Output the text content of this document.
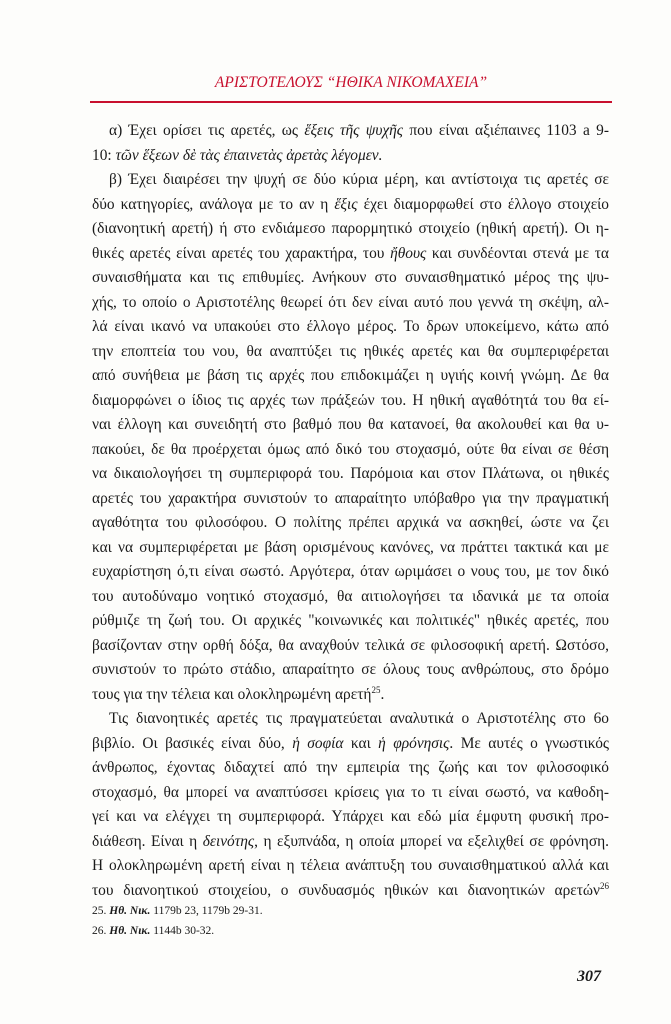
ΑΡΙΣΤΟΤΕΛΟΥΣ “ΗΘΙΚΑ ΝΙΚΟΜΑΧΕΙΑ”
α) Έχει ορίσει τις αρετές, ως ἕξεις τῆς ψυχῆς που είναι αξιέπαινες 1103 a 9-
10: τῶν ἕξεων δὲ τὰς ἐπαινετὰς ἀρετὰς λέγομεν.
β) Έχει διαιρέσει την ψυχή σε δύο κύρια μέρη, και αντίστοιχα τις αρετές σε
δύο κατηγορίες, ανάλογα με το αν η ἕξις έχει διαμορφωθεί στο έλλογο στοιχείο
(διανοητική αρετή) ή στο ενδιάμεσο παρορμητικό στοιχείο (ηθική αρετή). Οι η-
θικές αρετές είναι αρετές του χαρακτήρα, του ἤθους και συνδέονται στενά με τα
συναισθήματα και τις επιθυμίες. Ανήκουν στο συναισθηματικό μέρος της ψυ-
χής, το οποίο ο Αριστοτέλης θεωρεί ότι δεν είναι αυτό που γεννά τη σκέψη, αλ-
λά είναι ικανό να υπακούει στο έλλογο μέρος. Το δρων υποκείμενο, κάτω από
την εποπτεία του νου, θα αναπτύξει τις ηθικές αρετές και θα συμπεριφέρεται
από συνήθεια με βάση τις αρχές που επιδοκιμάζει η υγιής κοινή γνώμη. Δε θα
διαμορφώνει ο ίδιος τις αρχές των πράξεών του. Η ηθική αγαθότητά του θα εί-
ναι έλλογη και συνειδητή στο βαθμό που θα κατανοεί, θα ακολουθεί και θα υ-
πακούει, δε θα προέρχεται όμως από δικό του στοχασμό, ούτε θα είναι σε θέση
να δικαιολογήσει τη συμπεριφορά του. Παρόμοια και στον Πλάτωνα, οι ηθικές
αρετές του χαρακτήρα συνιστούν το απαραίτητο υπόβαθρο για την πραγματική
αγαθότητα του φιλοσόφου. Ο πολίτης πρέπει αρχικά να ασκηθεί, ώστε να ζει
και να συμπεριφέρεται με βάση ορισμένους κανόνες, να πράττει τακτικά και με
ευχαρίστηση ό,τι είναι σωστό. Αργότερα, όταν ωριμάσει ο νους του, με τον δικό
του αυτοδύναμο νοητικό στοχασμό, θα αιτιολογήσει τα ιδανικά με τα οποία
ρύθμιζε τη ζωή του. Οι αρχικές "κοινωνικές και πολιτικές" ηθικές αρετές, που
βασίζονταν στην ορθή δόξα, θα αναχθούν τελικά σε φιλοσοφική αρετή. Ωστόσο,
συνιστούν το πρώτο στάδιο, απαραίτητο σε όλους τους ανθρώπους, στο δρόμο
τους για την τέλεια και ολοκληρωμένη αρετή$^{25}$.
Τις διανοητικές αρετές τις πραγματεύεται αναλυτικά ο Αριστοτέλης στο 6ο
βιβλίο. Οι βασικές είναι δύο, ἡ σοφία και ἡ φρόνησις. Με αυτές ο γνωστικός
άνθρωπος, έχοντας διδαχτεί από την εμπειρία της ζωής και τον φιλοσοφικό
στοχασμό, θα μπορεί να αναπτύσσει κρίσεις για το τι είναι σωστό, να καθοδη-
γεί και να ελέγχει τη συμπεριφορά. Υπάρχει και εδώ μία έμφυτη φυσική προ-
διάθεση. Είναι η δεινότης, η εξυπνάδα, η οποία μπορεί να εξελιχθεί σε φρόνηση.
Η ολοκληρωμένη αρετή είναι η τέλεια ανάπτυξη του συναισθηματικού αλλά και
του διανοητικού στοιχείου, ο συνδυασμός ηθικών και διανοητικών αρετών$^{26}$
25. Ηθ. Νικ. 1179b 23, 1179b 29-31.
26. Ηθ. Νικ. 1144b 30-32.
307
